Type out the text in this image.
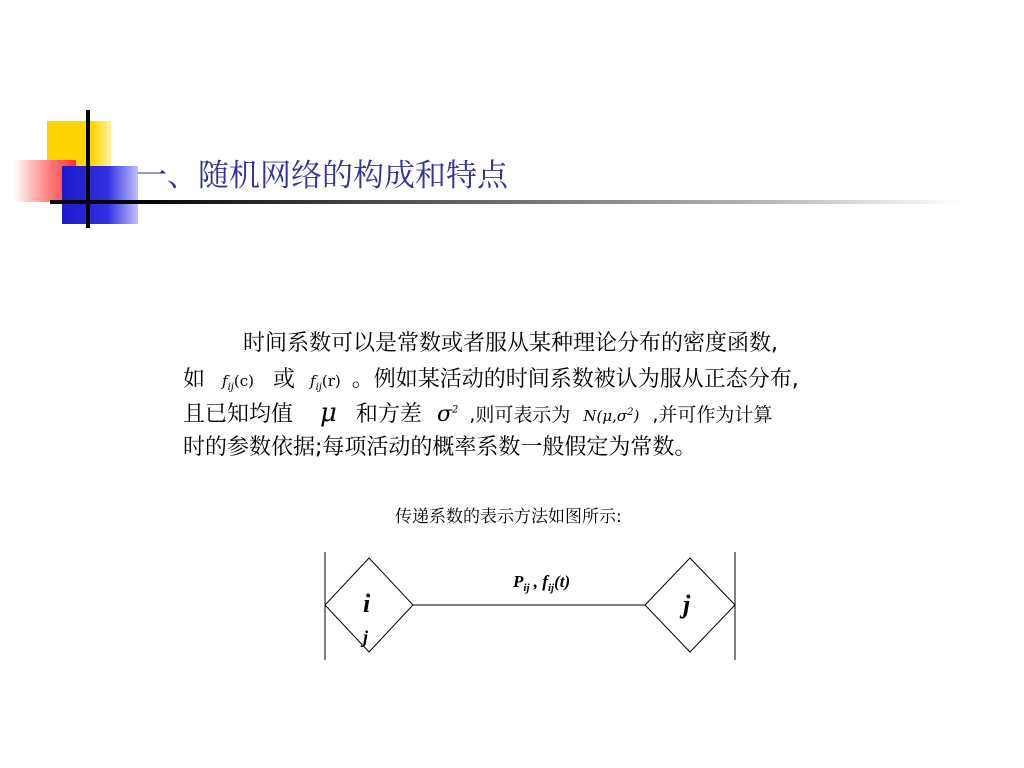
一、随机网络的构成和特点
时间系数可以是常数或者服从某种理论分布的密度函数,
如 $f_{ij}(c)$ 或 $f_{ij}(r)$ 。例如某活动的时间系数被认为服从正态分布,
且已知均值 μ 和方差 $\sigma^2$ ,则可表示为 $N(\mu,\sigma^2)$ ,并可作为计算
时的参数依据;每项活动的概率系数一般假定为常数。
传递系数的表示方法如图所示:
i
j
j
$P_{ij}$ , $f_{ij}(t)$
